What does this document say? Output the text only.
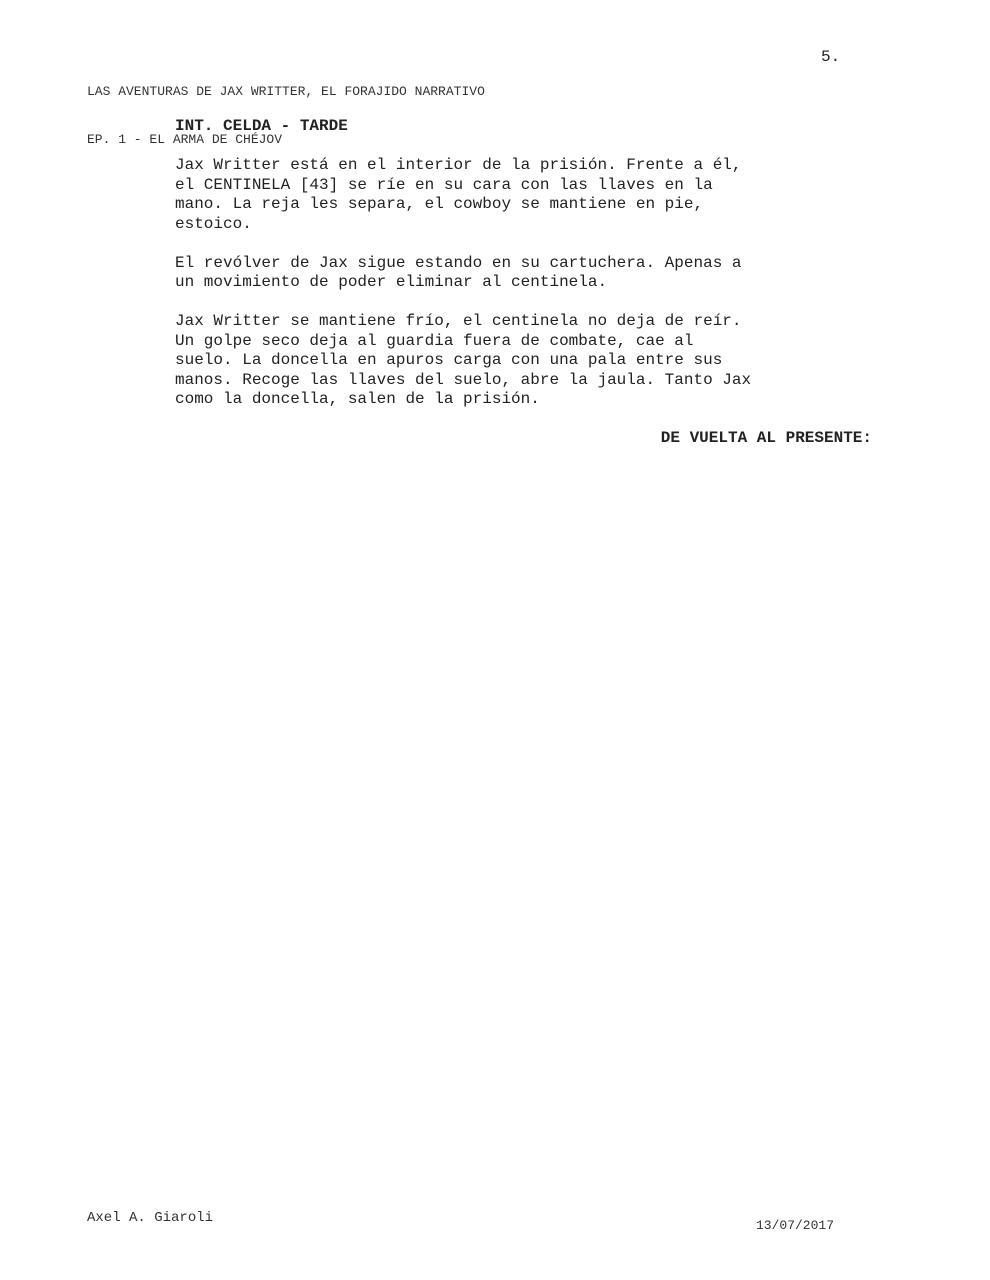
LAS AVENTURAS DE JAX WRITTER, EL FORAJIDO NARRATIVO

EP. 1 - EL ARMA DE CHÉJOV

5.
INT. CELDA - TARDE
Jax Writter está en el interior de la prisión. Frente a él,
el CENTINELA [43] se ríe en su cara con las llaves en la
mano. La reja les separa, el cowboy se mantiene en pie,
estoico.
El revólver de Jax sigue estando en su cartuchera. Apenas a
un movimiento de poder eliminar al centinela.
Jax Writter se mantiene frío, el centinela no deja de reír.
Un golpe seco deja al guardia fuera de combate, cae al
suelo. La doncella en apuros carga con una pala entre sus
manos. Recoge las llaves del suelo, abre la jaula. Tanto Jax
como la doncella, salen de la prisión.
DE VUELTA AL PRESENTE:
Axel A. Giaroli	13/07/2017
